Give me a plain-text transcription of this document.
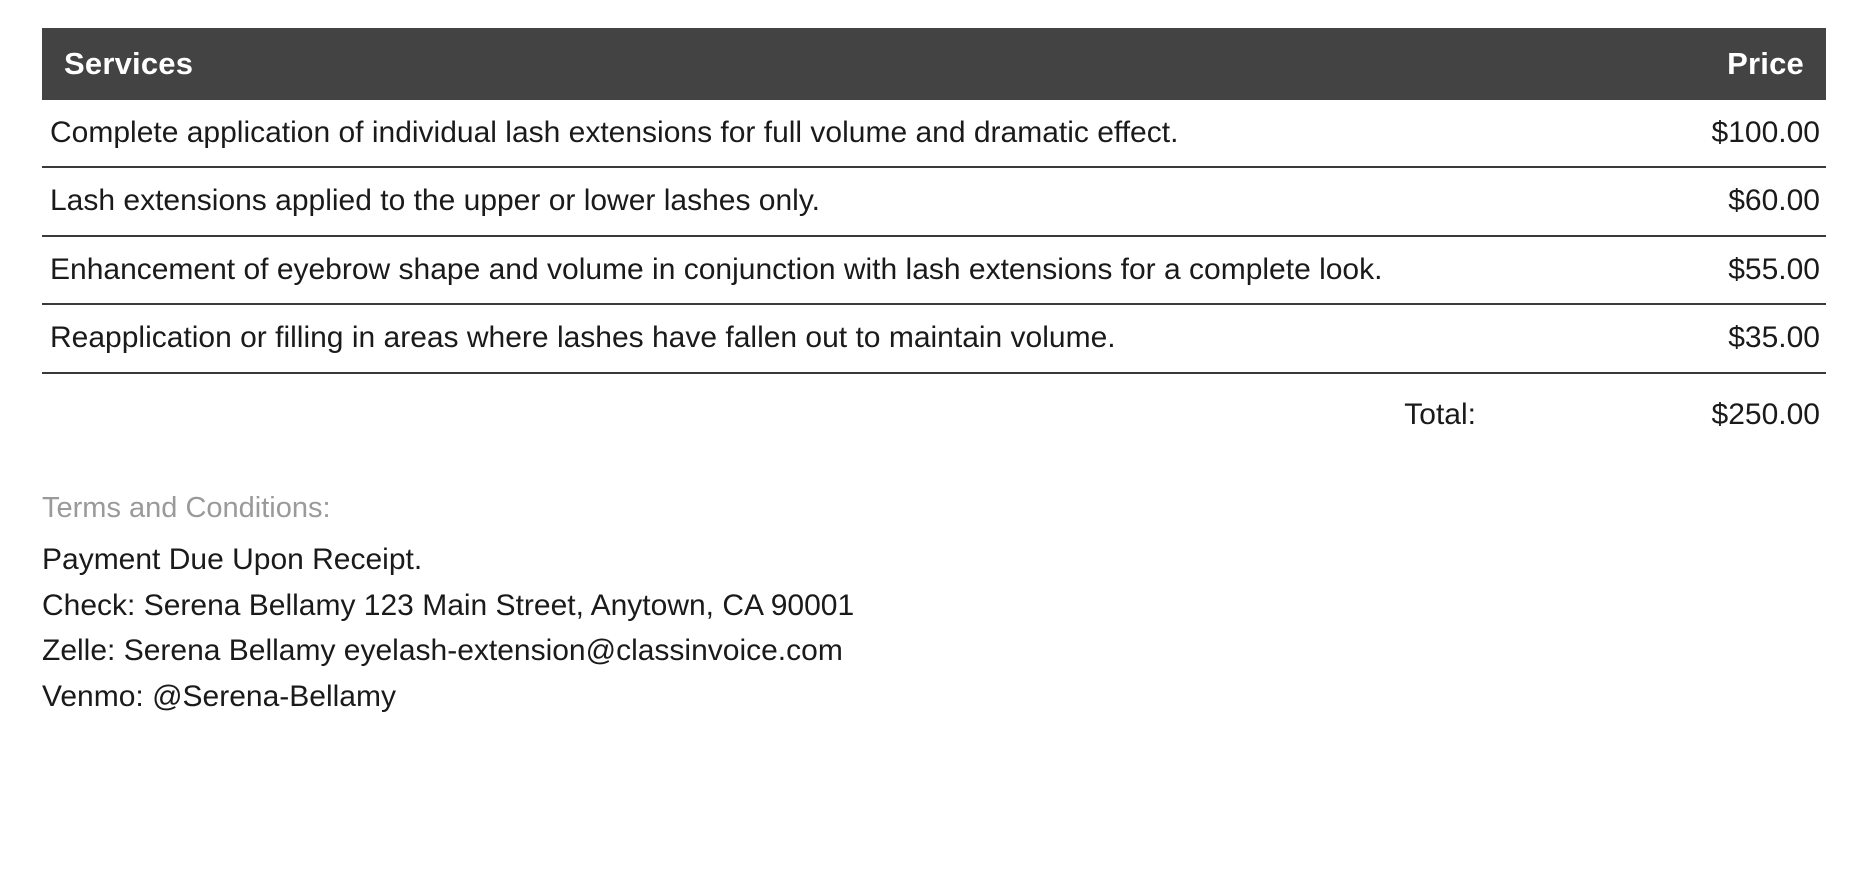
Services	Price
Complete application of individual lash extensions for full volume and dramatic effect.	$100.00
Lash extensions applied to the upper or lower lashes only.	$60.00
Enhancement of eyebrow shape and volume in conjunction with lash extensions for a complete look.	$55.00
Reapplication or filling in areas where lashes have fallen out to maintain volume.	$35.00
Total:	$250.00
Terms and Conditions:
Payment Due Upon Receipt.
Check: Serena Bellamy 123 Main Street, Anytown, CA 90001
Zelle: Serena Bellamy eyelash-extension@classinvoice.com
Venmo: @Serena-Bellamy
